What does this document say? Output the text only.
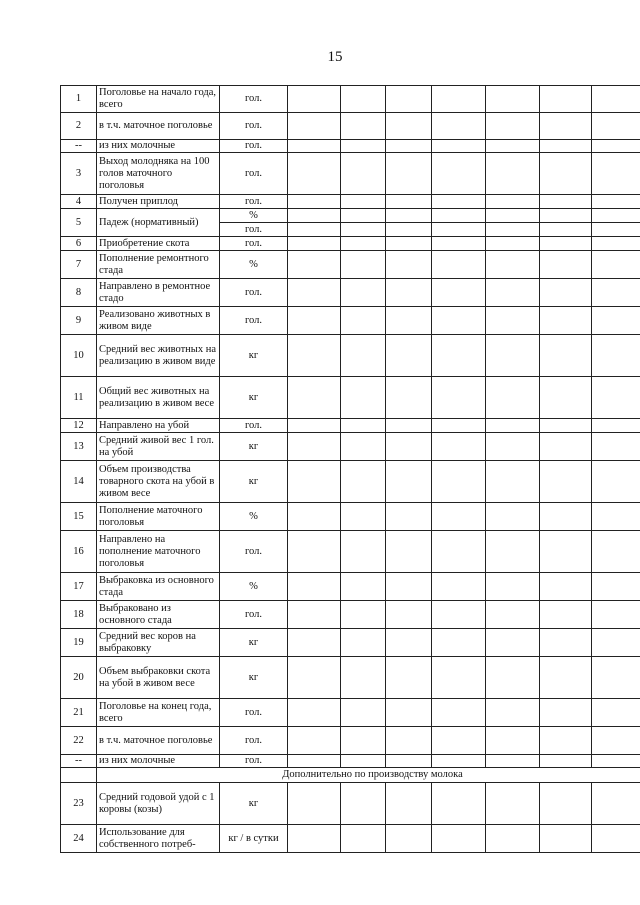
15
1	Поголовье на начало года, всего	гол.							
2	в т.ч. маточное поголовье	гол.							
--	из них молочные	гол.							
3	Выход молодняка на 100 голов маточного поголовья	гол.							
4	Получен приплод	гол.							
5	Падеж (нормативный)	%							
		гол.							
6	Приобретение скота	гол.							
7	Пополнение ремонтного стада	%							
8	Направлено в ремонтное стадо	гол.							
9	Реализовано животных в живом виде	гол.							
10	Средний вес животных на реализацию в живом виде	кг							
11	Общий вес животных на реализацию в живом весе	кг							
12	Направлено на убой	гол.							
13	Средний живой вес 1 гол. на убой	кг							
14	Объем производства товарного скота на убой в живом весе	кг							
15	Пополнение маточного поголовья	%							
16	Направлено на пополнение маточного поголовья	гол.							
17	Выбраковка из основного стада	%							
18	Выбраковано из основного стада	гол.							
19	Средний вес коров на выбраковку	кг							
20	Объем выбраковки скота на убой в живом весе	кг							
21	Поголовье на конец года, всего	гол.							
22	в т.ч. маточное поголовье	гол.							
--	из них молочные	гол.							
	Дополнительно по производству молока								
23	Средний годовой удой с 1 коровы (козы)	кг							
24	Использование для собственного потреб-	кг / в сутки							
